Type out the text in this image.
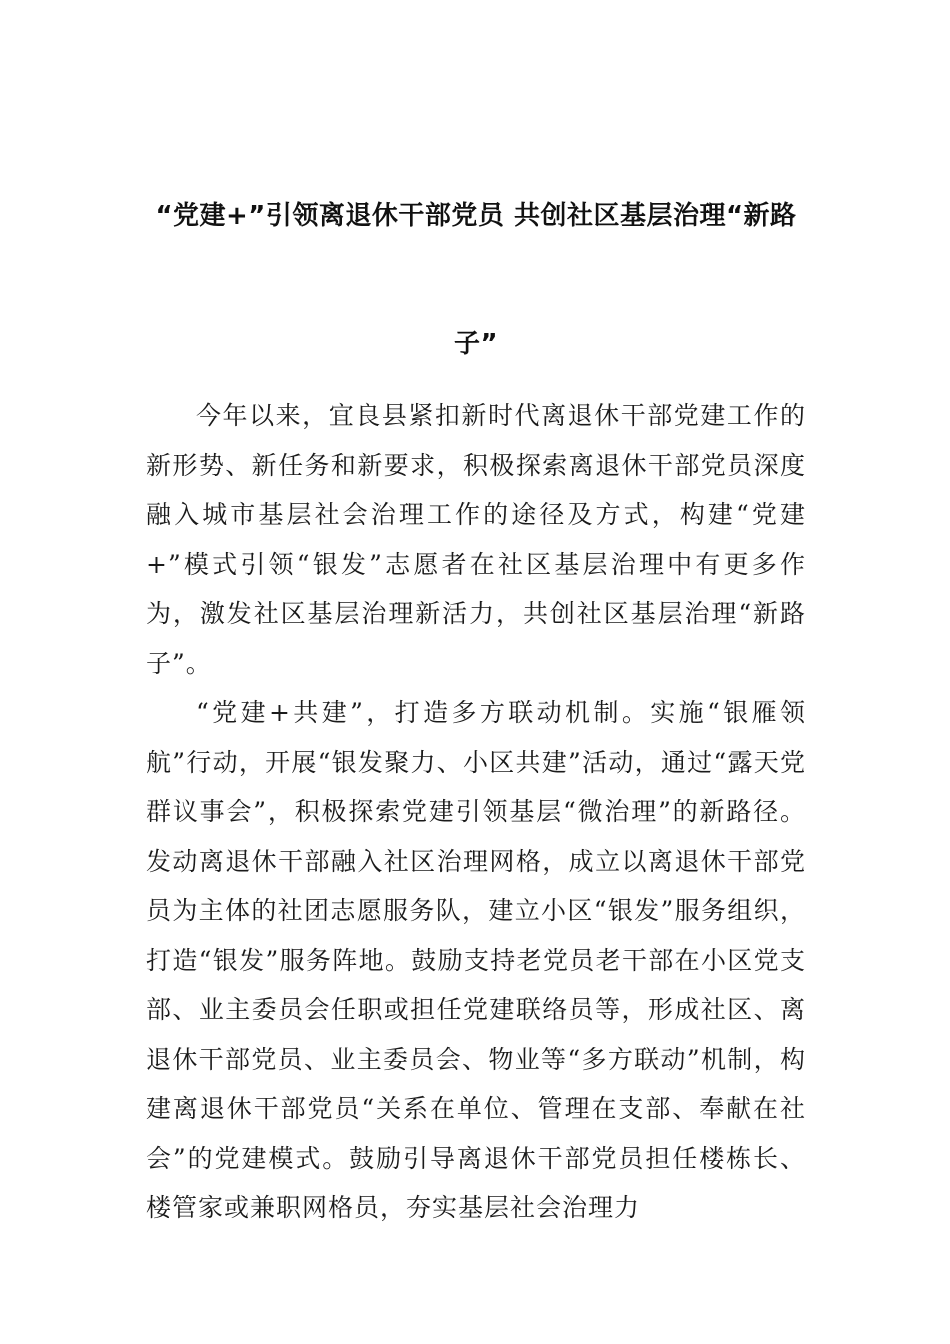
“党建+”引领离退休干部党员 共创社区基层治理“新路子”

今年以来，宜良县紧扣新时代离退休干部党建工作的新形势、新任务和新要求，积极探索离退休干部党员深度融入城市基层社会治理工作的途径及方式，构建“党建+”模式引领“银发”志愿者在社区基层治理中有更多作为，激发社区基层治理新活力，共创社区基层治理“新路子”。

“党建+共建”，打造多方联动机制。实施“银雁领航”行动，开展“银发聚力、小区共建”活动，通过“露天党群议事会”，积极探索党建引领基层“微治理”的新路径。发动离退休干部融入社区治理网格，成立以离退休干部党员为主体的社团志愿服务队，建立小区“银发”服务组织，打造“银发”服务阵地。鼓励支持老党员老干部在小区党支部、业主委员会任职或担任党建联络员等，形成社区、离退休干部党员、业主委员会、物业等“多方联动”机制，构建离退休干部党员“关系在单位、管理在支部、奉献在社会”的党建模式。鼓励引导离退休干部党员担任楼栋长、楼管家或兼职网格员，夯实基层社会治理力
